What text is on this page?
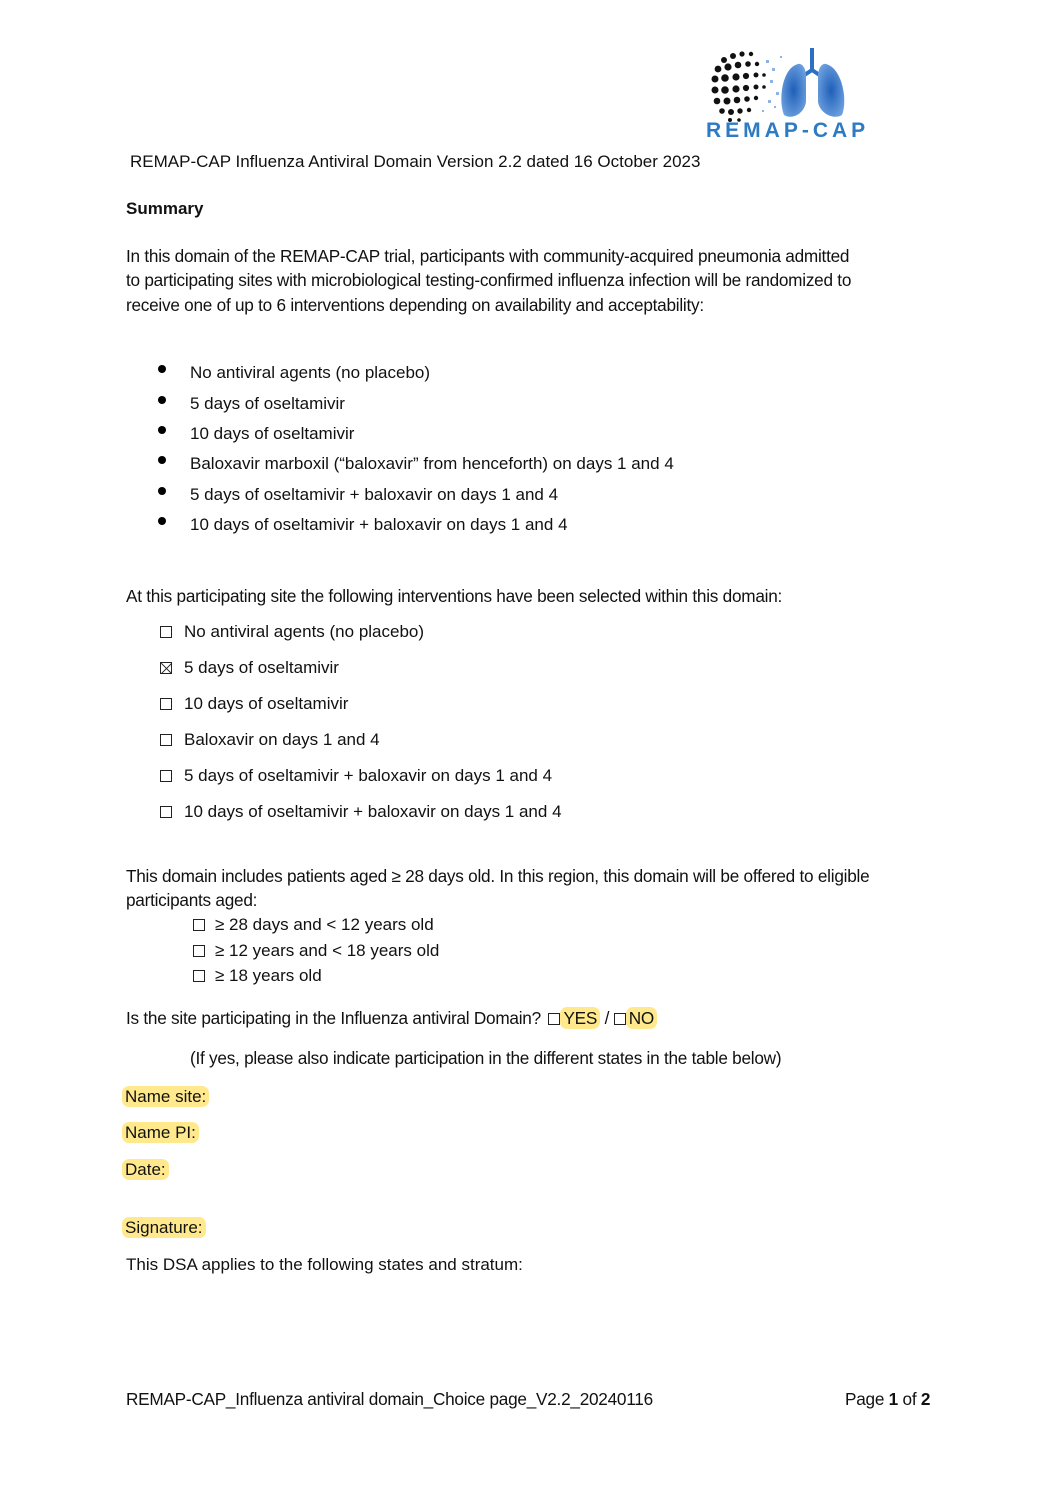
REMAP-CAP
REMAP-CAP Influenza Antiviral Domain Version 2.2 dated 16 October 2023
Summary
In this domain of the REMAP-CAP trial, participants with community-acquired pneumonia admitted
to participating sites with microbiological testing-confirmed influenza infection will be randomized to
receive one of up to 6 interventions depending on availability and acceptability:
No antiviral agents (no placebo)
5 days of oseltamivir
10 days of oseltamivir
Baloxavir marboxil (“baloxavir” from henceforth) on days 1 and 4
5 days of oseltamivir + baloxavir on days 1 and 4
10 days of oseltamivir + baloxavir on days 1 and 4
At this participating site the following interventions have been selected within this domain:
No antiviral agents (no placebo)
5 days of oseltamivir
10 days of oseltamivir
Baloxavir on days 1 and 4
5 days of oseltamivir + baloxavir on days 1 and 4
10 days of oseltamivir + baloxavir on days 1 and 4
This domain includes patients aged ≥ 28 days old. In this region, this domain will be offered to eligible
participants aged:
≥ 28 days and < 12 years old
≥ 12 years and < 18 years old
≥ 18 years old
Is the site participating in the Influenza antiviral Domain? YES / NO
(If yes, please also indicate participation in the different states in the table below)
Name site:
Name PI:
Date:
Signature:
This DSA applies to the following states and stratum:
REMAP-CAP_Influenza antiviral domain_Choice page_V2.2_20240116	Page 1 of 2
